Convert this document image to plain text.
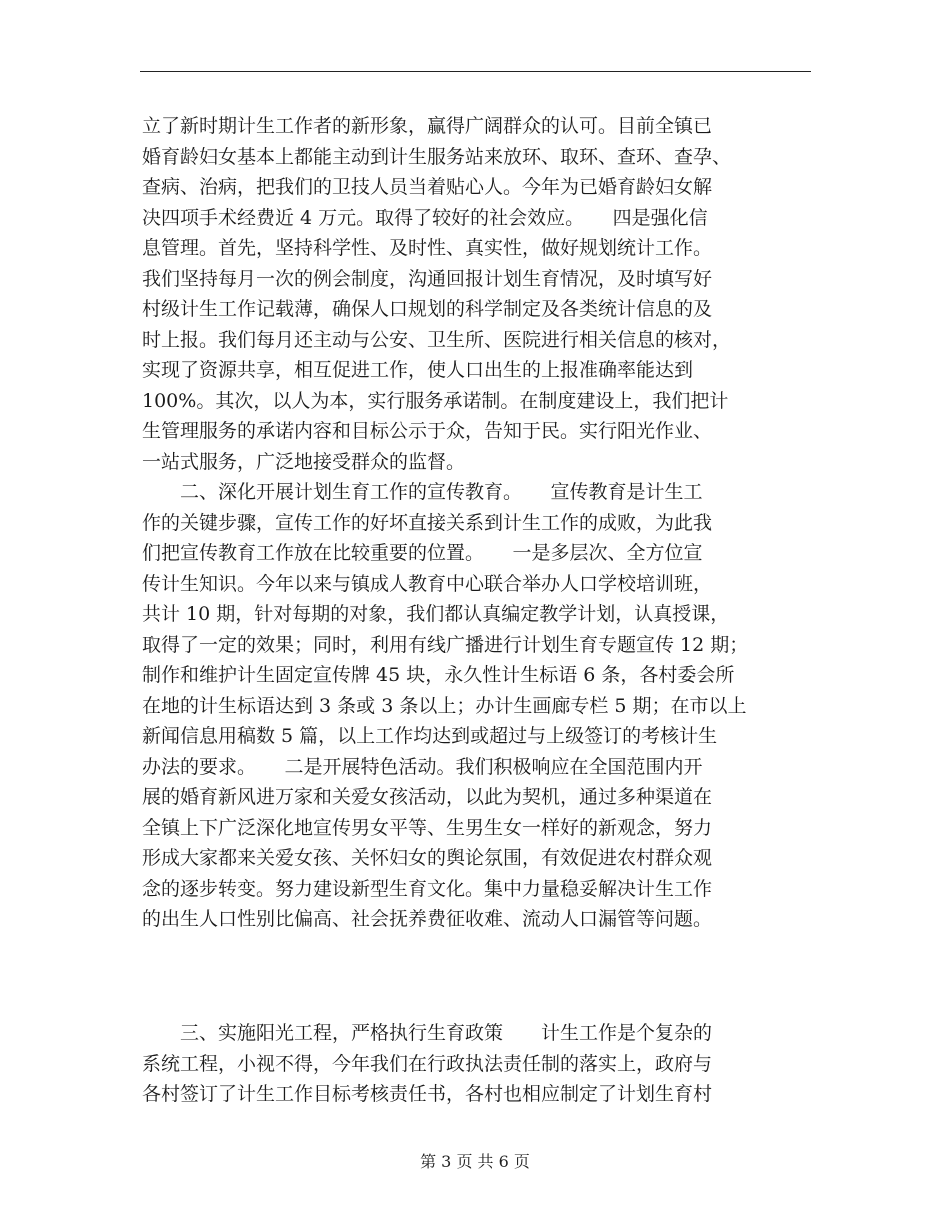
立了新时期计生工作者的新形象，赢得广阔群众的认可。目前全镇已
婚育龄妇女基本上都能主动到计生服务站来放环、取环、查环、查孕、
查病、治病，把我们的卫技人员当着贴心人。今年为已婚育龄妇女解
决四项手术经费近 4 万元。取得了较好的社会效应。　　四是强化信
息管理。首先，坚持科学性、及时性、真实性，做好规划统计工作。
我们坚持每月一次的例会制度，沟通回报计划生育情况，及时填写好
村级计生工作记载薄，确保人口规划的科学制定及各类统计信息的及
时上报。我们每月还主动与公安、卫生所、医院进行相关信息的核对，
实现了资源共享，相互促进工作，使人口出生的上报准确率能达到
100%。其次，以人为本，实行服务承诺制。在制度建设上，我们把计
生管理服务的承诺内容和目标公示于众，告知于民。实行阳光作业、
一站式服务，广泛地接受群众的监督。
　　二、深化开展计划生育工作的宣传教育。　　宣传教育是计生工
作的关键步骤，宣传工作的好坏直接关系到计生工作的成败，为此我
们把宣传教育工作放在比较重要的位置。　　一是多层次、全方位宣
传计生知识。今年以来与镇成人教育中心联合举办人口学校培训班，
共计 10 期，针对每期的对象，我们都认真编定教学计划，认真授课，
取得了一定的效果；同时，利用有线广播进行计划生育专题宣传 12 期；
制作和维护计生固定宣传牌 45 块，永久性计生标语 6 条，各村委会所
在地的计生标语达到 3 条或 3 条以上；办计生画廊专栏 5 期；在市以上
新闻信息用稿数 5 篇，以上工作均达到或超过与上级签订的考核计生
办法的要求。　　二是开展特色活动。我们积极响应在全国范围内开
展的婚育新风进万家和关爱女孩活动，以此为契机，通过多种渠道在
全镇上下广泛深化地宣传男女平等、生男生女一样好的新观念，努力
形成大家都来关爱女孩、关怀妇女的舆论氛围，有效促进农村群众观
念的逐步转变。努力建设新型生育文化。集中力量稳妥解决计生工作
的出生人口性别比偏高、社会抚养费征收难、流动人口漏管等问题。
　　三、实施阳光工程，严格执行生育政策　　计生工作是个复杂的
系统工程，小视不得，今年我们在行政执法责任制的落实上，政府与
各村签订了计生工作目标考核责任书，各村也相应制定了计划生育村
第 3 页 共 6 页
